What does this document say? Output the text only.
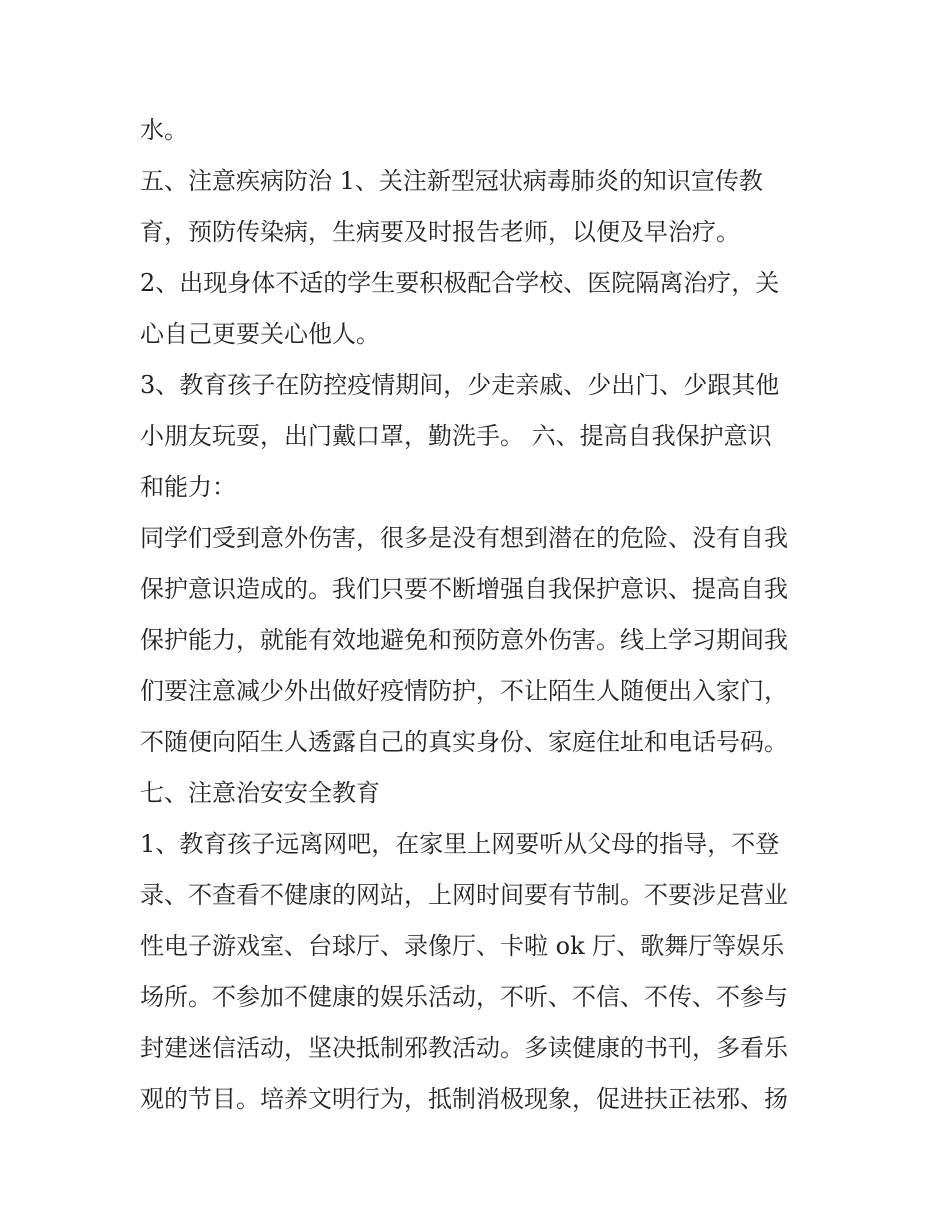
水。
五、注意疾病防治 1、关注新型冠状病毒肺炎的知识宣传教
育，预防传染病，生病要及时报告老师，以便及早治疗。
2、出现身体不适的学生要积极配合学校、医院隔离治疗，关
心自己更要关心他人。
3、教育孩子在防控疫情期间，少走亲戚、少出门、少跟其他
小朋友玩耍，出门戴口罩，勤洗手。 六、提高自我保护意识
和能力：
同学们受到意外伤害，很多是没有想到潜在的危险、没有自我
保护意识造成的。我们只要不断增强自我保护意识、提高自我
保护能力，就能有效地避免和预防意外伤害。线上学习期间我
们要注意减少外出做好疫情防护，不让陌生人随便出入家门，
不随便向陌生人透露自己的真实身份、家庭住址和电话号码。
七、注意治安安全教育
1、教育孩子远离网吧，在家里上网要听从父母的指导，不登
录、不查看不健康的网站，上网时间要有节制。不要涉足营业
性电子游戏室、台球厅、录像厅、卡啦 ok 厅、歌舞厅等娱乐
场所。不参加不健康的娱乐活动，不听、不信、不传、不参与
封建迷信活动，坚决抵制邪教活动。多读健康的书刊，多看乐
观的节目。培养文明行为，抵制消极现象，促进扶正祛邪、扬
